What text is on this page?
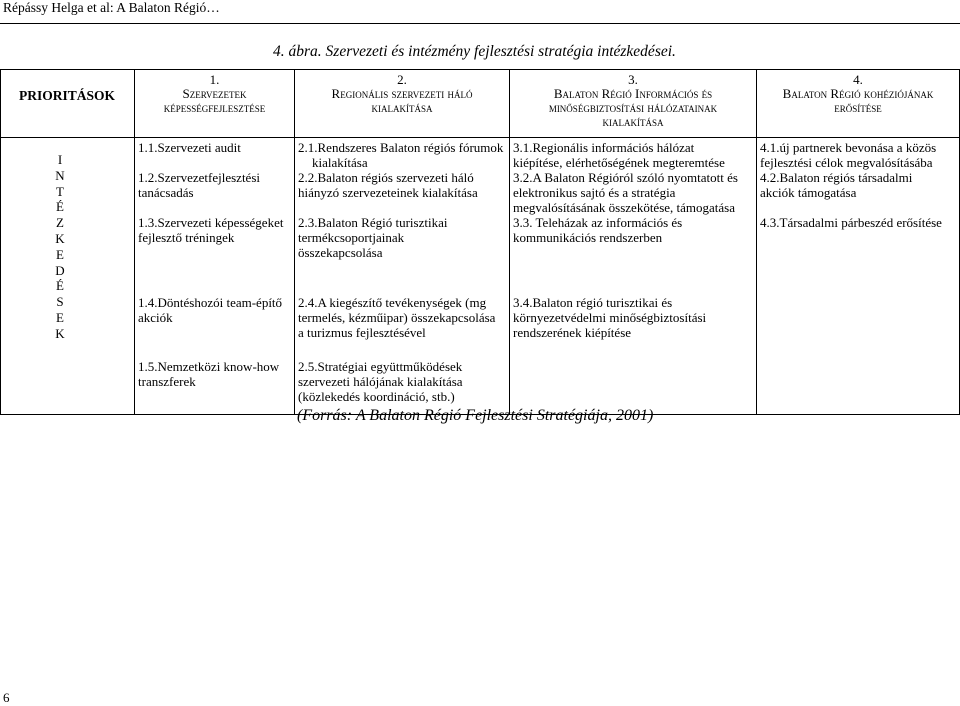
Répássy Helga et al: A Balaton Régió…
4. ábra. Szervezeti és intézmény fejlesztési stratégia intézkedései.
PRIORITÁSOK
1.
Szervezetek képességfejlesztése
2.
Regionális szervezeti háló kialakítása
3.
Balaton Régió Információs és minőségbiztosítási hálózatainak kialakítása
4.
Balaton Régió kohéziójának erősítése
I
N
T
É
Z
K
E
D
É
S
E
K
1.1.Szervezeti audit
1.2.Szervezetfejlesztési tanácsadás
1.3.Szervezeti képességeket fejlesztő tréningek
1.4.Döntéshozói team-építő akciók
1.5.Nemzetközi know-how transzferek
2.1.Rendszeres Balaton régiós fórumok kialakítása
2.2.Balaton régiós szervezeti háló hiányzó szervezeteinek kialakítása
2.3.Balaton Régió turisztikai termékcsoportjainak összekapcsolása
2.4.A kiegészítő tevékenységek (mg termelés, kézműipar) összekapcsolása a turizmus fejlesztésével
2.5.Stratégiai együttműködések szervezeti hálójának kialakítása (közlekedés koordináció, stb.)
3.1.Regionális információs hálózat kiépítése, elérhetőségének megteremtése
3.2.A Balaton Régióról szóló nyomtatott és elektronikus sajtó és a stratégia megvalósításának összekötése, támogatása
3.3. Teleházak az információs és kommunikációs rendszerben
3.4.Balaton régió turisztikai és környezetvédelmi minőségbiztosítási rendszerének kiépítése
4.1.új partnerek bevonása a közös fejlesztési célok megvalósításába
4.2.Balaton régiós társadalmi akciók támogatása
4.3.Társadalmi párbeszéd erősítése
(Forrás: A Balaton Régió Fejlesztési Stratégiája, 2001)
6
